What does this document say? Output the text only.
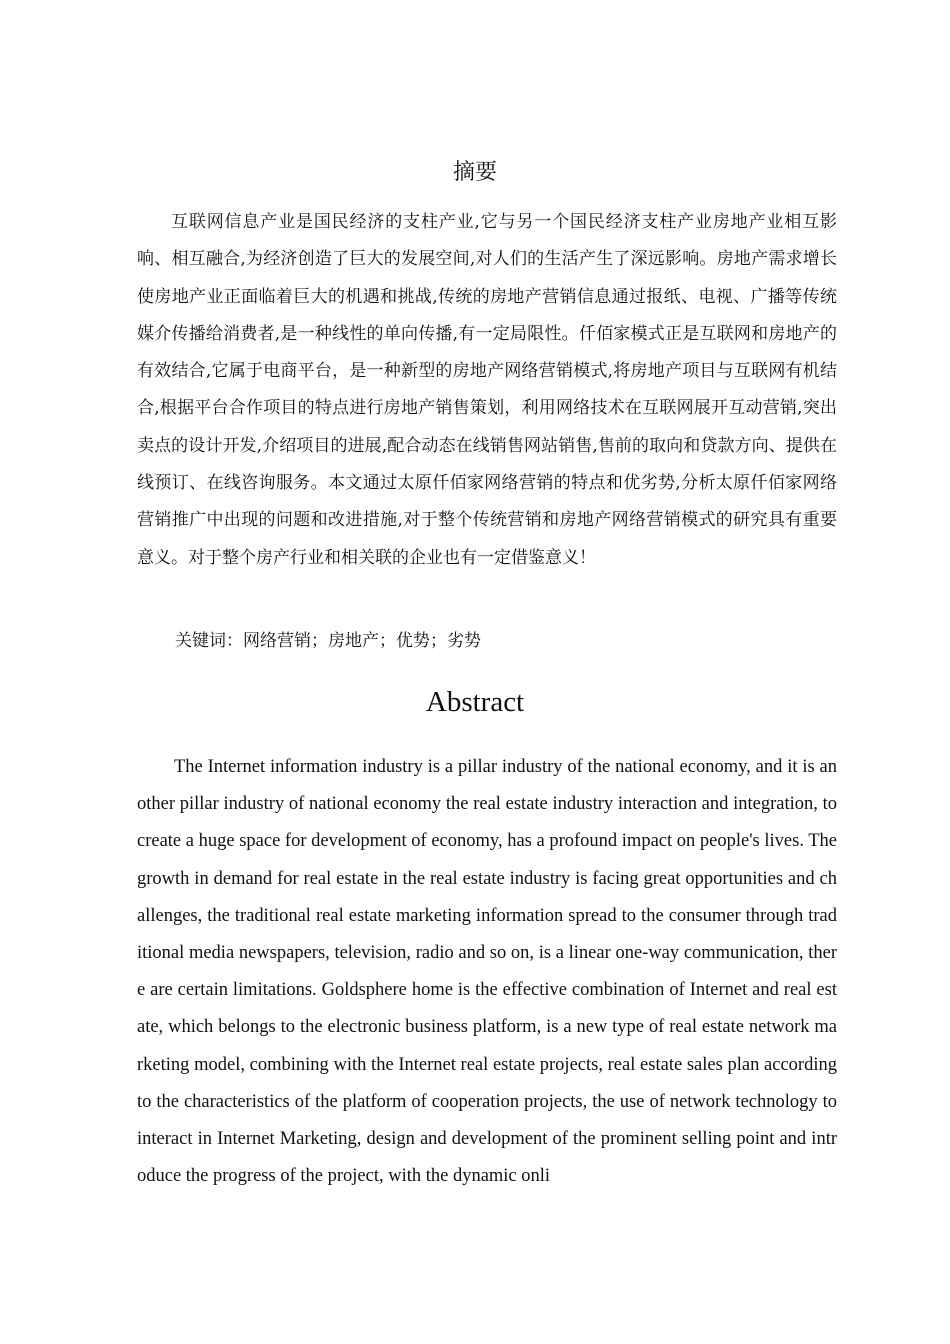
摘要

互联网信息产业是国民经济的支柱产业,它与另一个国民经济支柱产业房地产业相互影响、相互融合,为经济创造了巨大的发展空间,对人们的生活产生了深远影响。房地产需求增长使房地产业正面临着巨大的机遇和挑战,传统的房地产营销信息通过报纸、电视、广播等传统媒介传播给消费者,是一种线性的单向传播,有一定局限性。仟佰家模式正是互联网和房地产的有效结合,它属于电商平台，是一种新型的房地产网络营销模式,将房地产项目与互联网有机结合,根据平台合作项目的特点进行房地产销售策划，利用网络技术在互联网展开互动营销,突出卖点的设计开发,介绍项目的进展,配合动态在线销售网站销售,售前的取向和贷款方向、提供在线预订、在线咨询服务。本文通过太原仟佰家网络营销的特点和优劣势,分析太原仟佰家网络营销推广中出现的问题和改进措施,对于整个传统营销和房地产网络营销模式的研究具有重要意义。对于整个房产行业和相关联的企业也有一定借鉴意义！

关键词：网络营销；房地产；优势；劣势
Abstract

The Internet information industry is a pillar industry of the national economy, and it is another pillar industry of national economy the real estate industry interaction and integration, to create a huge space for development of economy, has a profound impact on people's lives. The growth in demand for real estate in the real estate industry is facing great opportunities and challenges, the traditional real estate marketing information spread to the consumer through traditional media newspapers, television, radio and so on, is a linear one-way communication, there are certain limitations. Goldsphere home is the effective combination of Internet and real estate, which belongs to the electronic business platform, is a new type of real estate network marketing model, combining with the Internet real estate projects, real estate sales plan according to the characteristics of the platform of cooperation projects, the use of network technology to interact in Internet Marketing, design and development of the prominent selling point and introduce the progress of the project, with the dynamic onli
